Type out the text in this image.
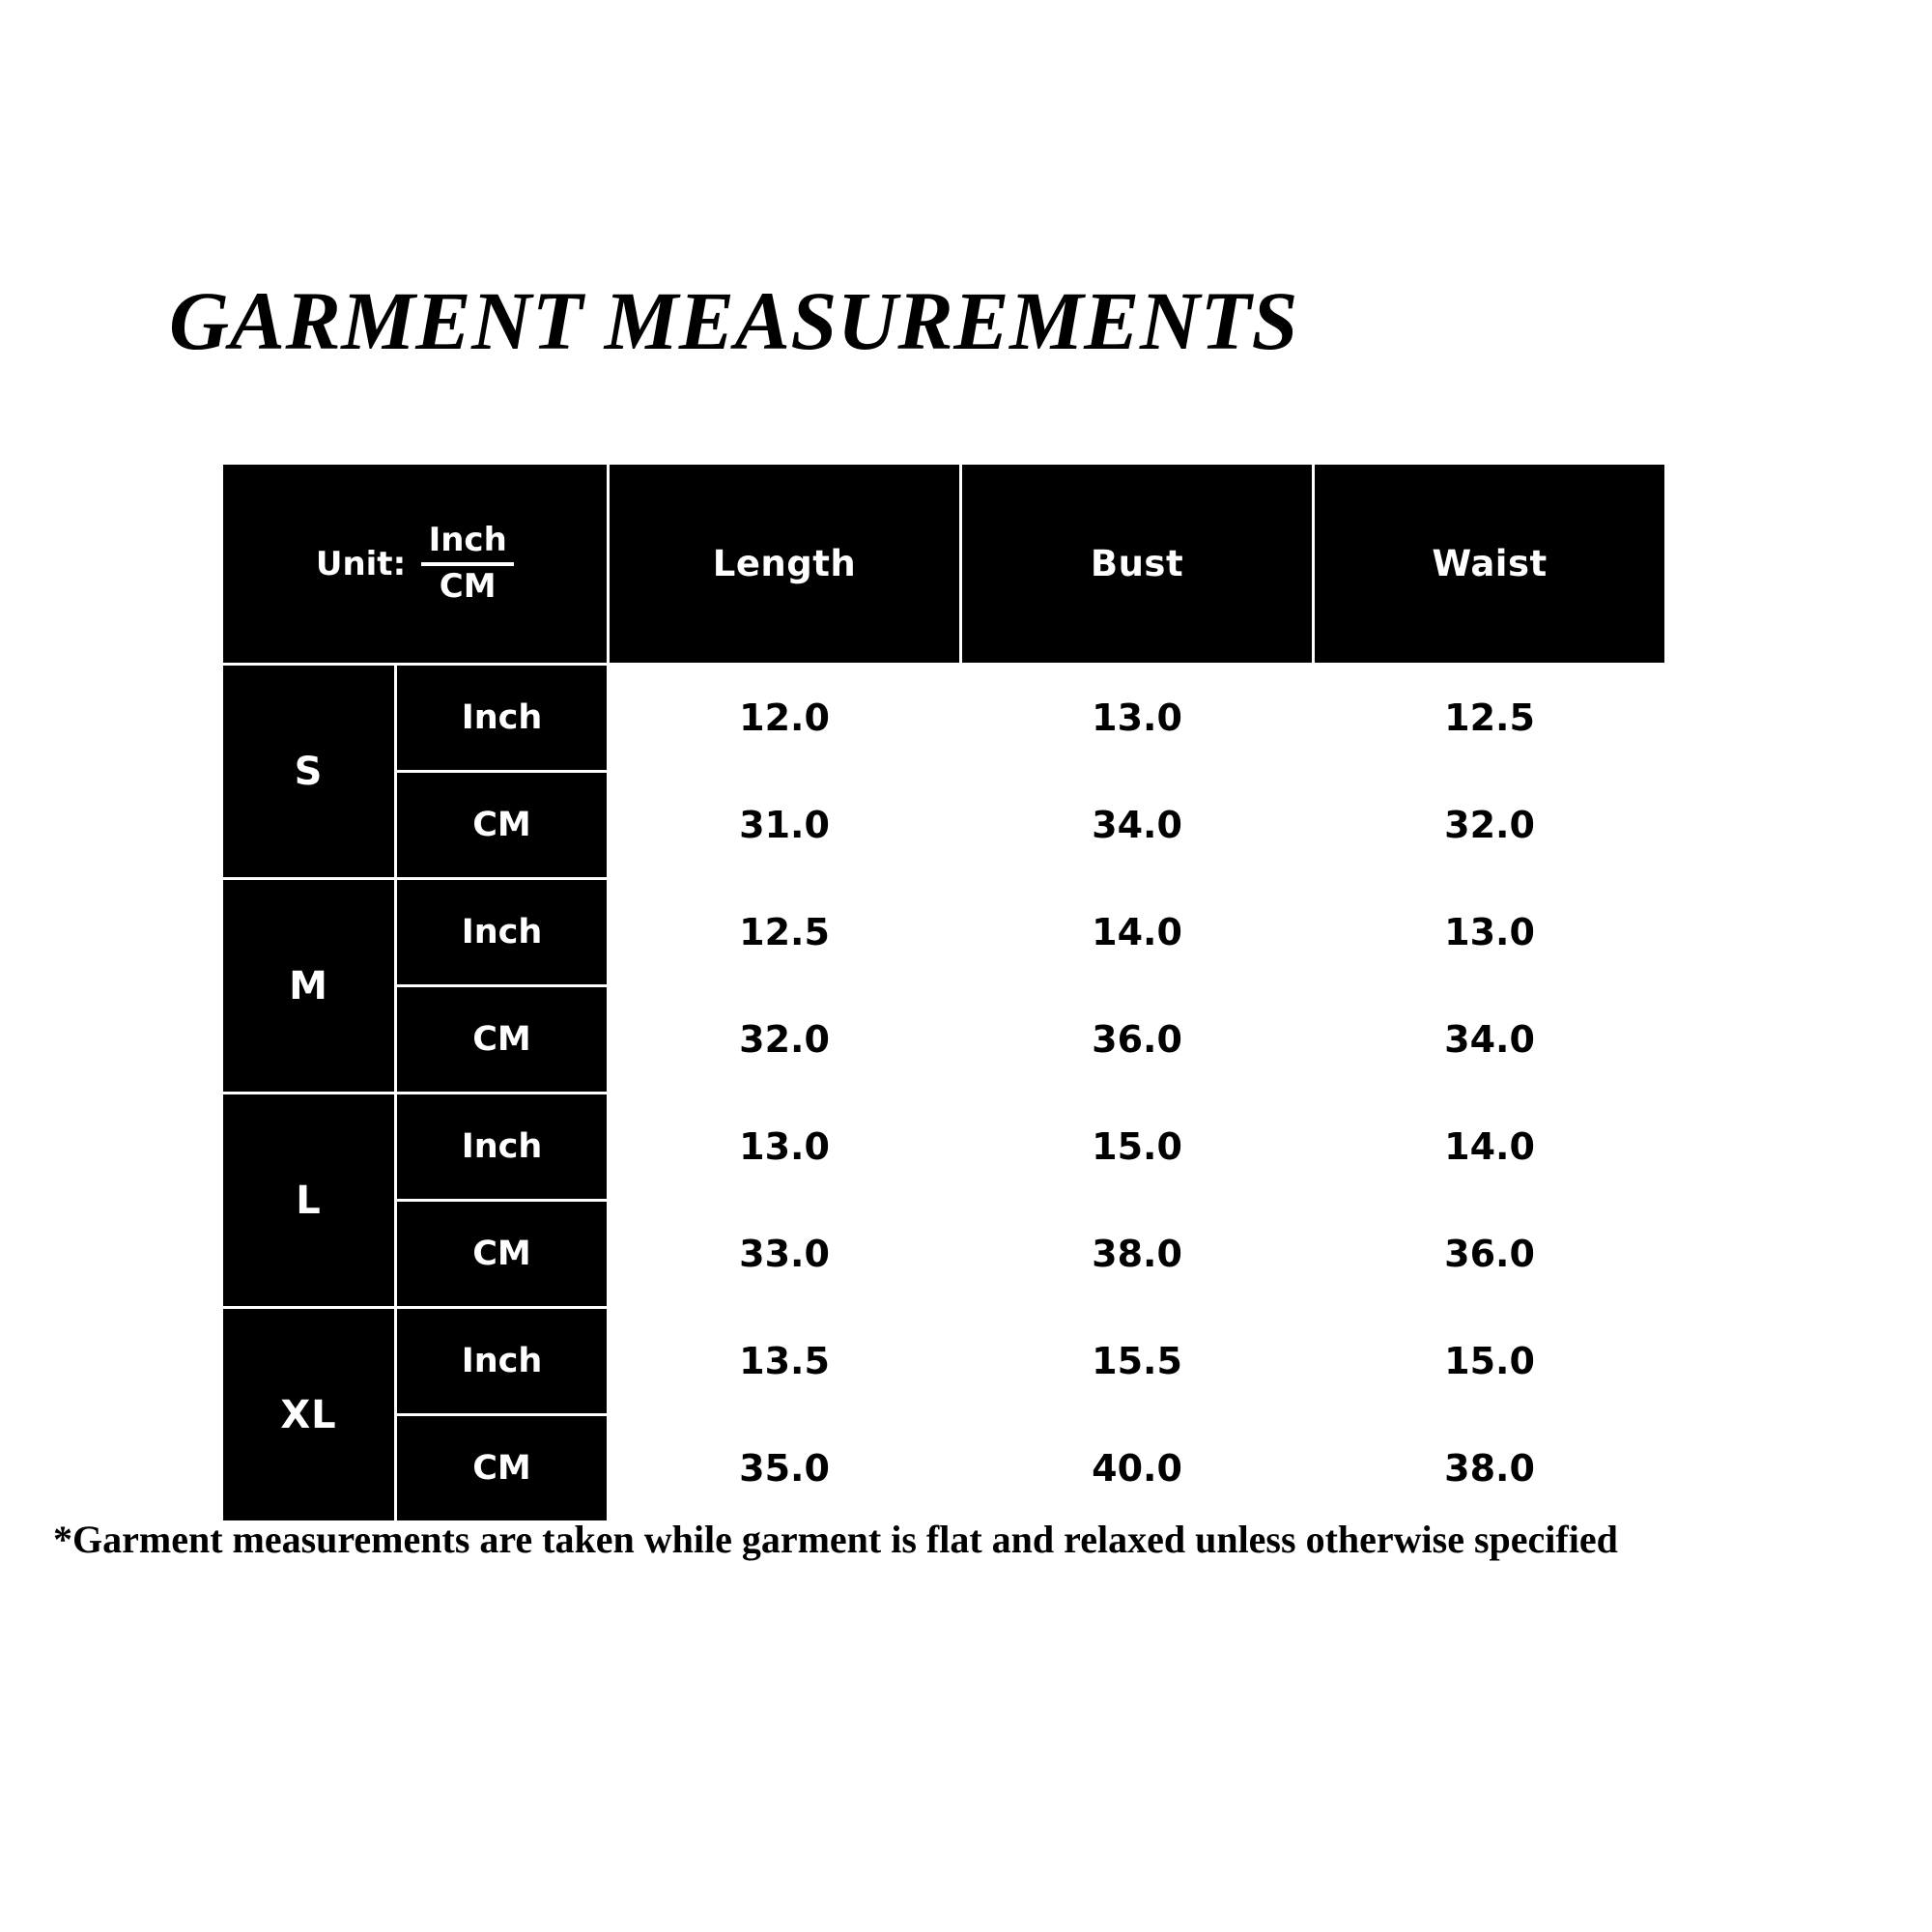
GARMENT MEASUREMENTS
Unit: $\frac{\text{Inch}}{CM}$		Length	Bust	Waist
S	Inch	12.0	13.0	12.5
	CM	31.0	34.0	32.0
M	Inch	12.5	14.0	13.0
	CM	32.0	36.0	34.0
L	Inch	13.0	15.0	14.0
	CM	33.0	38.0	36.0
XL	Inch	13.5	15.5	15.0
	CM	35.0	40.0	38.0
*Garment measurements are taken while garment is flat and relaxed unless otherwise specified
